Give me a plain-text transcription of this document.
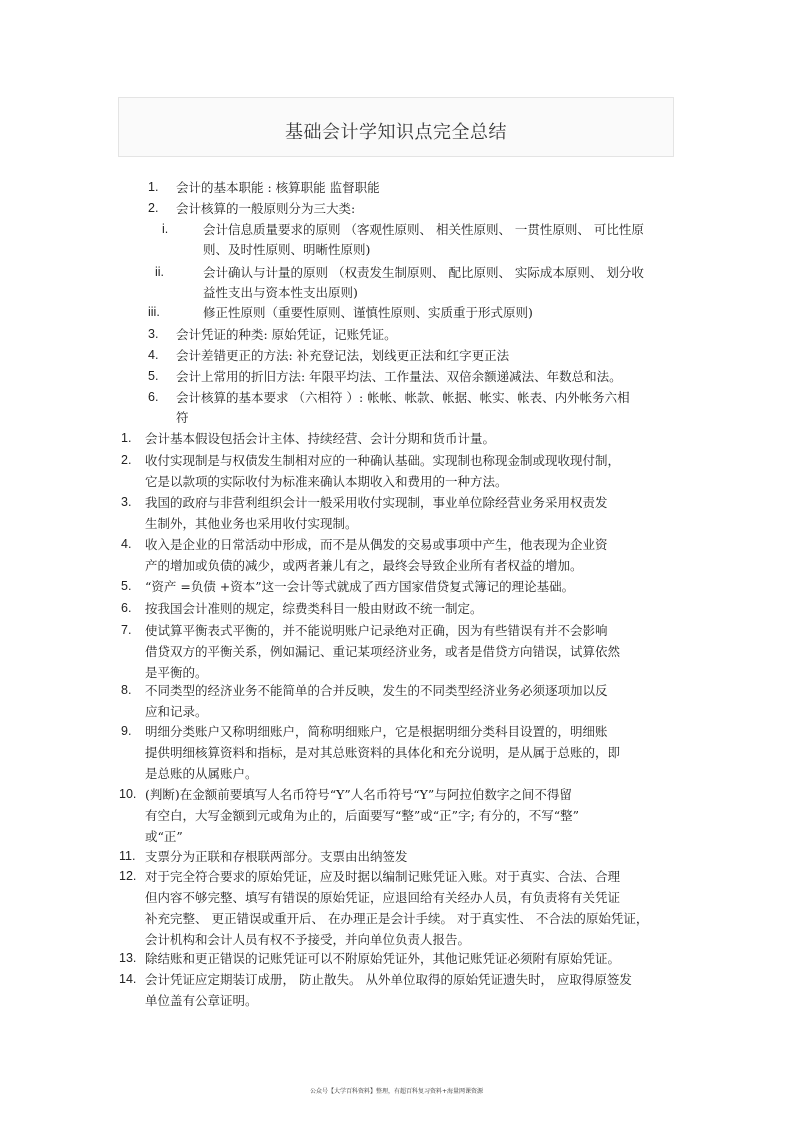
基础会计学知识点完全总结
1. 会计的基本职能 : 核算职能 监督职能
2. 会计核算的一般原则分为三大类:
i.	会计信息质量要求的原则 （客观性原则、 相关性原则、 一贯性原则、 可比性原
则、及时性原则、明晰性原则)
ii.	会计确认与计量的原则 （权责发生制原则、 配比原则、 实际成本原则、 划分收
益性支出与资本性支出原则)
iii.	修正性原则（重要性原则、谨慎性原则、实质重于形式原则)
3. 会计凭证的种类: 原始凭证，记账凭证。
4. 会计差错更正的方法: 补充登记法，划线更正法和红字更正法
5. 会计上常用的折旧方法: 年限平均法、工作量法、双倍余额递减法、年数总和法。
6. 会计核算的基本要求 （六相符 ）: 帐帐、帐款、帐据、帐实、帐表、内外帐务六相
符
1. 会计基本假设包括会计主体、持续经营、会计分期和货币计量。
2. 收付实现制是与权债发生制相对应的一种确认基础。实现制也称现金制或现收现付制，
它是以款项的实际收付为标准来确认本期收入和费用的一种方法。
3. 我国的政府与非营利组织会计一般采用收付实现制，事业单位除经营业务采用权责发
生制外，其他业务也采用收付实现制。
4. 收入是企业的日常活动中形成，而不是从偶发的交易或事项中产生，他表现为企业资
产的增加或负债的减少，或两者兼儿有之，最终会导致企业所有者权益的增加。
5. “资产 =负债 +资本”这一会计等式就成了西方国家借贷复式簿记的理论基础。
6. 按我国会计准则的规定，综费类科目一般由财政不统一制定。
7. 使试算平衡表式平衡的，并不能说明账户记录绝对正确，因为有些错误有并不会影响
借贷双方的平衡关系，例如漏记、重记某项经济业务，或者是借贷方向错误，试算依然
是平衡的。
8. 不同类型的经济业务不能简单的合并反映，发生的不同类型经济业务必须逐项加以反
应和记录。
9. 明细分类账户又称明细账户，简称明细账户，它是根据明细分类科目设置的，明细账
提供明细核算资料和指标，是对其总账资料的具体化和充分说明，是从属于总账的，即
是总账的从属账户。
10. (判断)在金额前要填写人名币符号“Y”人名币符号“Y”与阿拉伯数字之间不得留
有空白，大写金额到元或角为止的，后面要写“整”或“正”字; 有分的，不写“整”
或“正”
11. 支票分为正联和存根联两部分。支票由出纳签发
12. 对于完全符合要求的原始凭证，应及时据以编制记账凭证入账。对于真实、合法、合理
但内容不够完整、填写有错误的原始凭证，应退回给有关经办人员，有负责将有关凭证
补充完整、 更正错误或重开后、 在办理正是会计手续。 对于真实性、 不合法的原始凭证，
会计机构和会计人员有权不予接受，并向单位负责人报告。
13. 除结账和更正错误的记账凭证可以不附原始凭证外，其他记账凭证必须附有原始凭证。
14. 会计凭证应定期装订成册， 防止散失。 从外单位取得的原始凭证遗失时， 应取得原签发
单位盖有公章证明。
公众号【大学百科资料】整理，有超百科复习资料+海量网课资源
